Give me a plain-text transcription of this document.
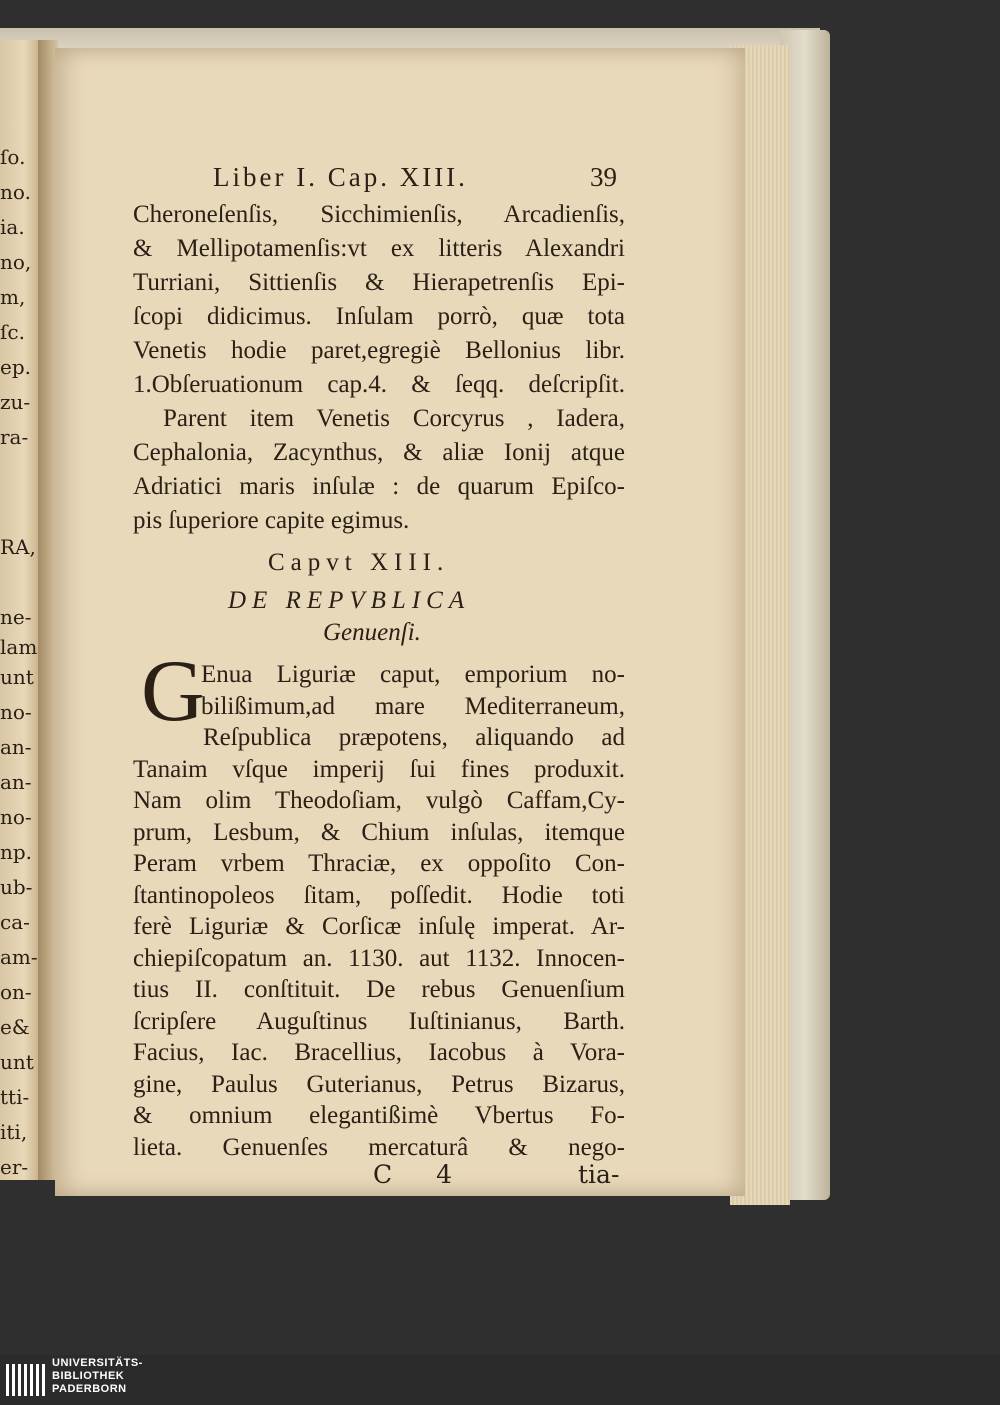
ſo.
no.
ia.
no,
m,
ſc.
ep.
zu-
ra-
RA,
ne-
lam
unt
no-
an-
an-
no-
np.
ub-
ca-
am-
on-
e&
unt
tti-
iti,
er-
Liber I. Cap. XIII.	39
Cheroneſenſis, Sicchimienſis, Arcadienſis,
& Mellipotamenſis:vt ex litteris Alexandri
Turriani, Sittienſis & Hierapetrenſis Epi-
ſcopi didicimus. Inſulam porrò, quæ tota
Venetis hodie paret,egregiè Bellonius libr.
1.Obſeruationum cap.4. & ſeqq. deſcripſit.
Parent item Venetis Corcyrus , Iadera,
Cephalonia, Zacynthus, & aliæ Ionij atque
Adriatici maris inſulæ : de quarum Epiſco-
pis ſuperiore capite egimus.
Capvt XIII.
DE REPVBLICA
Genuenſi.
Enua Liguriæ caput, emporium no-
bilißimum,ad mare Mediterraneum,
Reſpublica præpotens, aliquando ad
Tanaim vſque imperij ſui fines produxit.
Nam olim Theodoſiam, vulgò Caffam,Cy-
prum, Lesbum, & Chium inſulas, itemque
Peram vrbem Thraciæ, ex oppoſito Con-
ſtantinopoleos ſitam, poſſedit. Hodie toti
ferè Liguriæ & Corſicæ inſulę imperat. Ar-
chiepiſcopatum an. 1130. aut 1132. Innocen-
tius II. conſtituit. De rebus Genuenſium
ſcripſere Auguſtinus Iuſtinianus, Barth.
Facius, Iac. Bracellius, Iacobus à Vora-
gine, Paulus Guterianus, Petrus Bizarus,
& omnium elegantißimè Vbertus Fo-
lieta. Genuenſes mercaturâ & nego-
G
C 4	tia-
UNIVERSITÄTS-
BIBLIOTHEK
PADERBORN
